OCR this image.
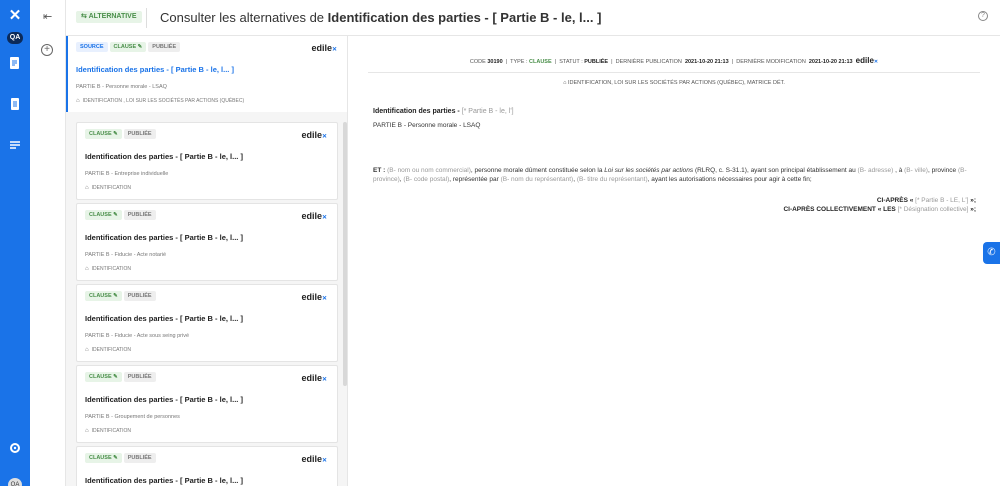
✕
QA
QA
⇤
+
⇆ ALTERNATIVE	Consulter les alternatives de Identification des parties - [ Partie B - le, l... ]	?
SOURCE CLAUSE ✎ PUBLIÉE	edile✕
Identification des parties - [ Partie B - le, l... ]
PARTIE B - Personne morale - LSAQ
⌂ IDENTIFICATION , LOI SUR LES SOCIÉTÉS PAR ACTIONS (QUÉBEC)
CLAUSE ✎ PUBLIÉE	edile✕
Identification des parties - [ Partie B - le, l... ]
PARTIE B - Entreprise individuelle
⌂ IDENTIFICATION
CLAUSE ✎ PUBLIÉE	edile✕
Identification des parties - [ Partie B - le, l... ]
PARTIE B - Fiducie - Acte notarié
⌂ IDENTIFICATION
CLAUSE ✎ PUBLIÉE	edile✕
Identification des parties - [ Partie B - le, l... ]
PARTIE B - Fiducie - Acte sous seing privé
⌂ IDENTIFICATION
CLAUSE ✎ PUBLIÉE	edile✕
Identification des parties - [ Partie B - le, l... ]
PARTIE B - Groupement de personnes
⌂ IDENTIFICATION
CLAUSE ✎ PUBLIÉE	edile✕
Identification des parties - [ Partie B - le, l... ]
CODE 30190  |  TYPE : CLAUSE  |  STATUT : PUBLIÉE  |  DERNIÈRE PUBLICATION 2021-10-20 21:13  |  DERNIÈRE MODIFICATION 2021-10-20 21:13 edile✕
⌂ IDENTIFICATION, LOI SUR LES SOCIÉTÉS PAR ACTIONS (QUÉBEC), MATRICE DÉT.
Identification des parties - [* Partie B - le, l']
PARTIE B - Personne morale - LSAQ
ET : (B- nom ou nom commercial), personne morale dûment constituée selon la Loi sur les sociétés par actions (RLRQ, c. S-31.1), ayant son principal établissement au (B- adresse) , à (B- ville), province (B- province), (B- code postal), représentée par (B- nom du représentant), (B- titre du représentant), ayant les autorisations nécessaires pour agir à cette fin;
CI-APRÈS « [* Partie B - LE, L'] »;
CI-APRÈS COLLECTIVEMENT « LES [* Désignation collective] »;
✆
